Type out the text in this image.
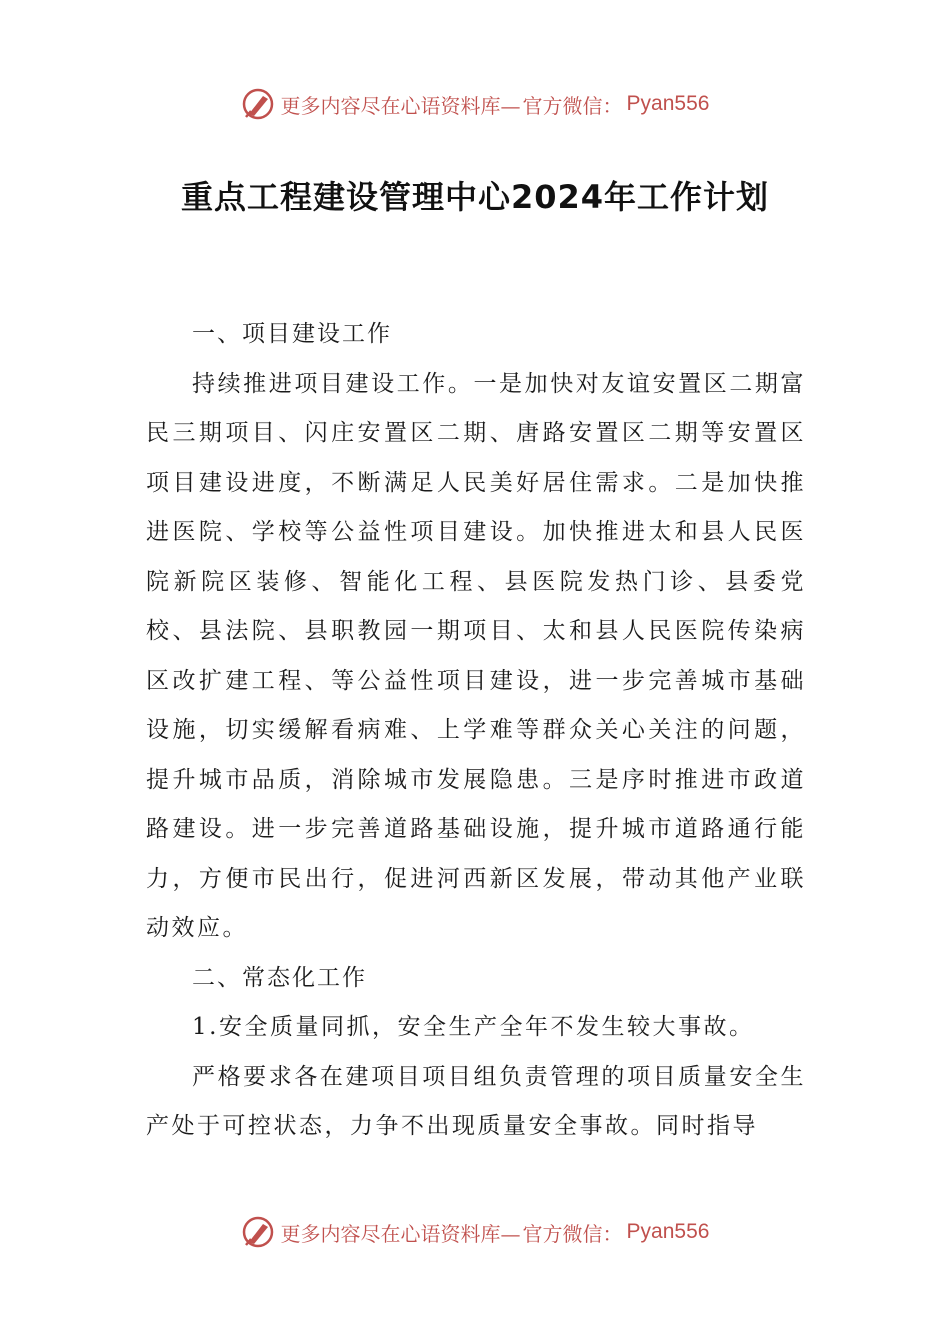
更多内容尽在心语资料库— 官方微信： Pyan556
重点工程建设管理中心2024年工作计划

一、项目建设工作

持续推进项目建设工作。一是加快对友谊安置区二期富民三期项目、闪庄安置区二期、唐路安置区二期等安置区项目建设进度，不断满足人民美好居住需求。二是加快推进医院、学校等公益性项目建设。加快推进太和县人民医院新院区装修、智能化工程、县医院发热门诊、县委党校、县法院、县职教园一期项目、太和县人民医院传染病区改扩建工程、等公益性项目建设，进一步完善城市基础设施，切实缓解看病难、上学难等群众关心关注的问题，提升城市品质，消除城市发展隐患。三是序时推进市政道路建设。进一步完善道路基础设施，提升城市道路通行能力，方便市民出行，促进河西新区发展，带动其他产业联动效应。

二、常态化工作

1.安全质量同抓，安全生产全年不发生较大事故。

严格要求各在建项目项目组负责管理的项目质量安全生产处于可控状态，力争不出现质量安全事故。同时指导

更多内容尽在心语资料库— 官方微信： Pyan556
